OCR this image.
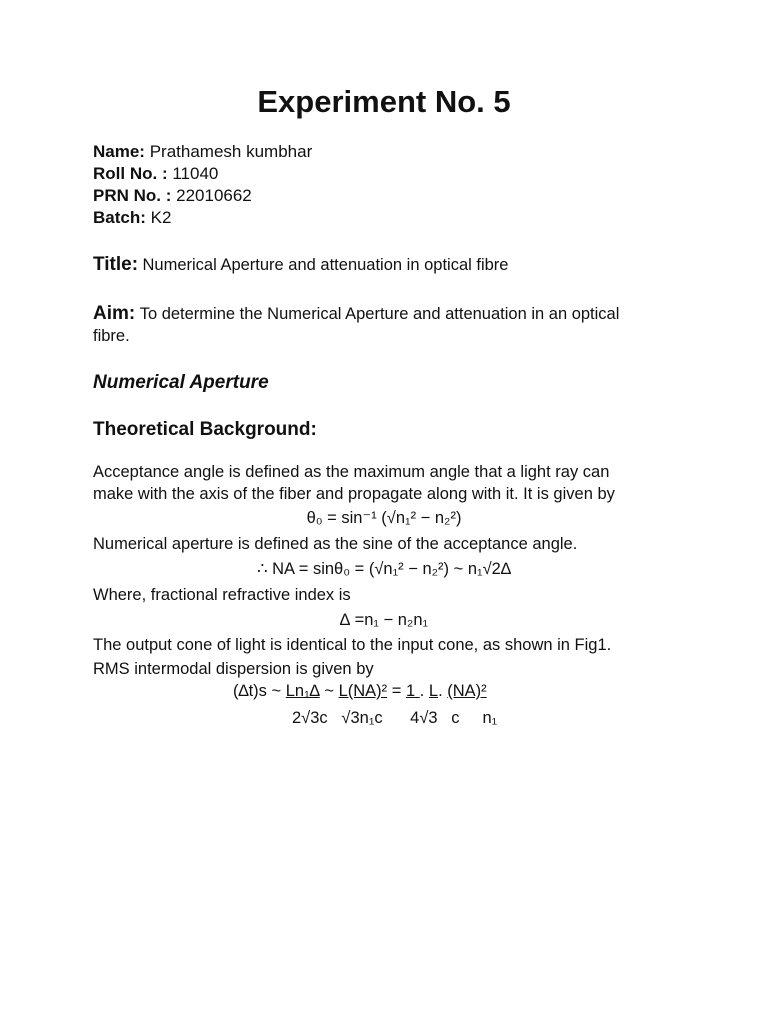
Experiment No. 5
Name: Prathamesh kumbhar
Roll No. : 11040
PRN No. : 22010662
Batch: K2
Title: Numerical Aperture and attenuation in optical fibre
Aim: To determine the Numerical Aperture and attenuation in an optical
fibre.
Numerical Aperture
Theoretical Background:
Acceptance angle is defined as the maximum angle that a light ray can
make with the axis of the fiber and propagate along with it. It is given by
θ₀ = sin⁻¹ (√n₁² − n₂²)
Numerical aperture is defined as the sine of the acceptance angle.
∴ NA = sinθ₀ = (√n₁² − n₂²) ~ n₁√2∆
Where, fractional refractive index is
∆ =n₁ − n₂n₁
The output cone of light is identical to the input cone, as shown in Fig1.
RMS intermodal dispersion is given by
(∆t)s ~ Ln₁∆ ~ L(NA)² = 1 . L. (NA)²
2√3c   √3n₁c      4√3   c     n₁
